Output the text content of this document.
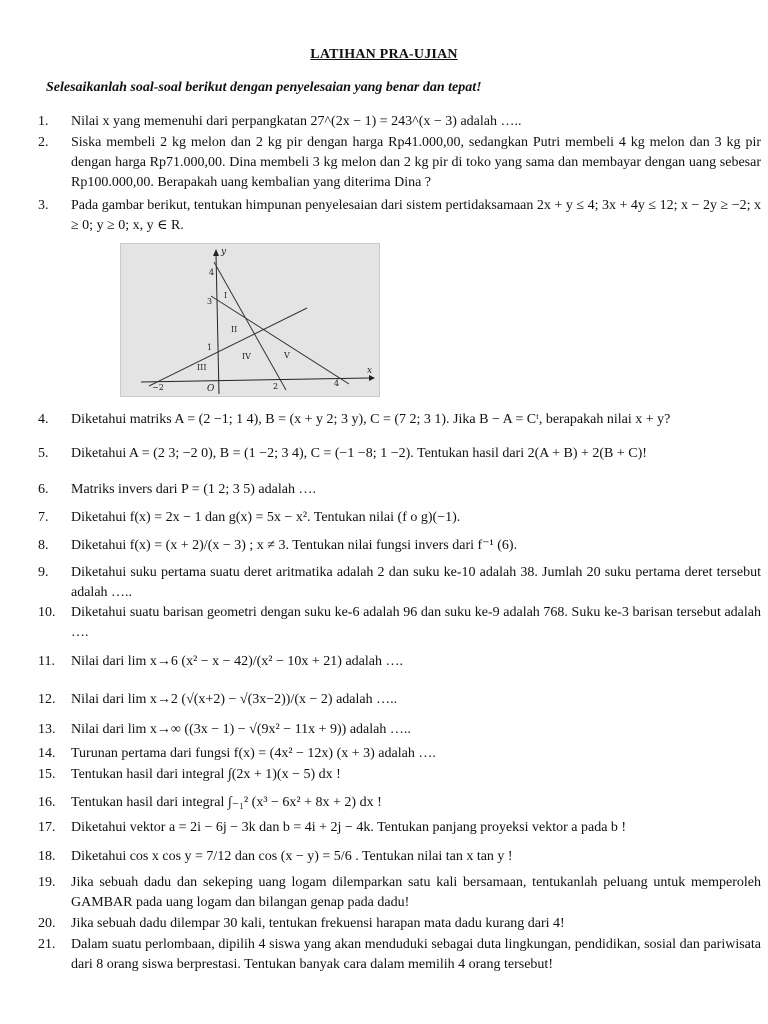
LATIHAN PRA-UJIAN
Selesaikanlah soal-soal berikut dengan penyelesaian yang benar dan tepat!
1.	Nilai x yang memenuhi dari perpangkatan 27^(2x − 1) = 243^(x − 3) adalah …..
2.	Siska membeli 2 kg melon dan 2 kg pir dengan harga Rp41.000,00, sedangkan Putri membeli 4 kg melon dan 3 kg pir dengan harga Rp71.000,00. Dina membeli 3 kg melon dan 2 kg pir di toko yang sama dan membayar dengan uang sebesar Rp100.000,00. Berapakah uang kembalian yang diterima Dina ?
3.	Pada gambar berikut, tentukan himpunan penyelesaian dari sistem pertidaksamaan 2x + y ≤ 4; 3x + 4y ≤ 12; x − 2y ≥ −2; x ≥ 0; y ≥ 0; x, y ∈ R.
y
x
O
−2	2	4
1
3
4
I
II
III
IV	V
4.	Diketahui matriks A = (2 −1; 1 4), B = (x + y 2; 3 y), C = (7 2; 3 1). Jika B − A = Cᵗ, berapakah nilai x + y?
5.	Diketahui A = (2 3; −2 0), B = (1 −2; 3 4), C = (−1 −8; 1 −2). Tentukan hasil dari 2(A + B) + 2(B + C)!
6.	Matriks invers dari P = (1 2; 3 5) adalah ….
7.	Diketahui f(x) = 2x − 1 dan g(x) = 5x − x². Tentukan nilai (f o g)(−1).
8.	Diketahui f(x) = (x + 2)/(x − 3) ; x ≠ 3. Tentukan nilai fungsi invers dari f⁻¹ (6).
9.	Diketahui suku pertama suatu deret aritmatika adalah 2 dan suku ke-10 adalah 38. Jumlah 20 suku pertama deret tersebut adalah …..
10.	Diketahui suatu barisan geometri dengan suku ke-6 adalah 96 dan suku ke-9 adalah 768. Suku ke-3 barisan tersebut adalah ….
11.	Nilai dari lim x→6 (x² − x − 42)/(x² − 10x + 21) adalah ….
12.	Nilai dari lim x→2 (√(x+2) − √(3x−2))/(x − 2) adalah …..
13.	Nilai dari lim x→∞ ((3x − 1) − √(9x² − 11x + 9)) adalah …..
14.	Turunan pertama dari fungsi f(x) = (4x² − 12x) (x + 3) adalah ….
15.	Tentukan hasil dari integral ∫(2x + 1)(x − 5) dx !
16.	Tentukan hasil dari integral ∫₋₁² (x³ − 6x² + 8x + 2) dx !
17.	Diketahui vektor a = 2i − 6j − 3k dan b = 4i + 2j − 4k. Tentukan panjang proyeksi vektor a pada b !
18.	Diketahui cos x cos y = 7/12 dan cos (x − y) = 5/6 . Tentukan nilai tan x tan y !
19.	Jika sebuah dadu dan sekeping uang logam dilemparkan satu kali bersamaan, tentukanlah peluang untuk memperoleh GAMBAR pada uang logam dan bilangan genap pada dadu!
20.	Jika sebuah dadu dilempar 30 kali, tentukan frekuensi harapan mata dadu kurang dari 4!
21.	Dalam suatu perlombaan, dipilih 4 siswa yang akan menduduki sebagai duta lingkungan, pendidikan, sosial dan pariwisata dari 8 orang siswa berprestasi. Tentukan banyak cara dalam memilih 4 orang tersebut!
